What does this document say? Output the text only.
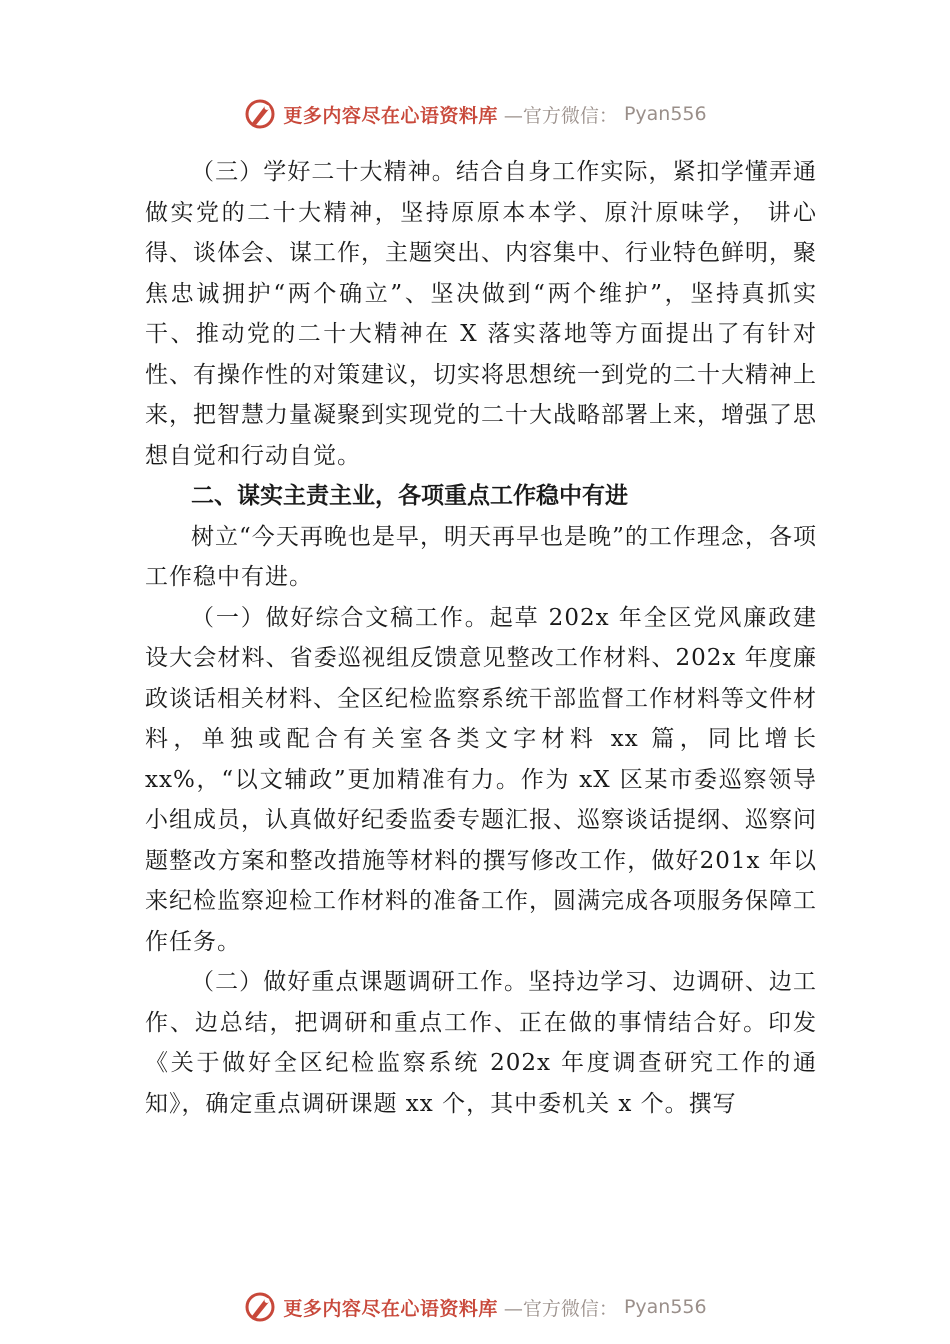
更多内容尽在心语资料库 —官方微信： Pyan556

（三）学好二十大精神。结合自身工作实际，紧扣学懂弄通做实党的二十大精神，坚持原原本本学、原汁原味学， 讲心得、谈体会、谋工作，主题突出、内容集中、行业特色鲜明，聚焦忠诚拥护“两个确立”、坚决做到“两个维护”，坚持真抓实干、推动党的二十大精神在 X 落实落地等方面提出了有针对性、有操作性的对策建议，切实将思想统一到党的二十大精神上来，把智慧力量凝聚到实现党的二十大战略部署上来，增强了思想自觉和行动自觉。

二、谋实主责主业，各项重点工作稳中有进

树立“今天再晚也是早，明天再早也是晚”的工作理念，各项工作稳中有进。

（一）做好综合文稿工作。起草 202x 年全区党风廉政建设大会材料、省委巡视组反馈意见整改工作材料、202x 年度廉政谈话相关材料、全区纪检监察系统干部监督工作材料等文件材料，单独或配合有关室各类文字材料 xx 篇，同比增长xx%，“以文辅政”更加精准有力。作为 xX 区某市委巡察领导小组成员，认真做好纪委监委专题汇报、巡察谈话提纲、巡察问题整改方案和整改措施等材料的撰写修改工作，做好201x 年以来纪检监察迎检工作材料的准备工作，圆满完成各项服务保障工作任务。

（二）做好重点课题调研工作。坚持边学习、边调研、边工作、边总结，把调研和重点工作、正在做的事情结合好。印发《关于做好全区纪检监察系统 202x 年度调查研究工作的通知》，确定重点调研课题 xx 个，其中委机关 x 个。撰写

更多内容尽在心语资料库 —官方微信： Pyan556
